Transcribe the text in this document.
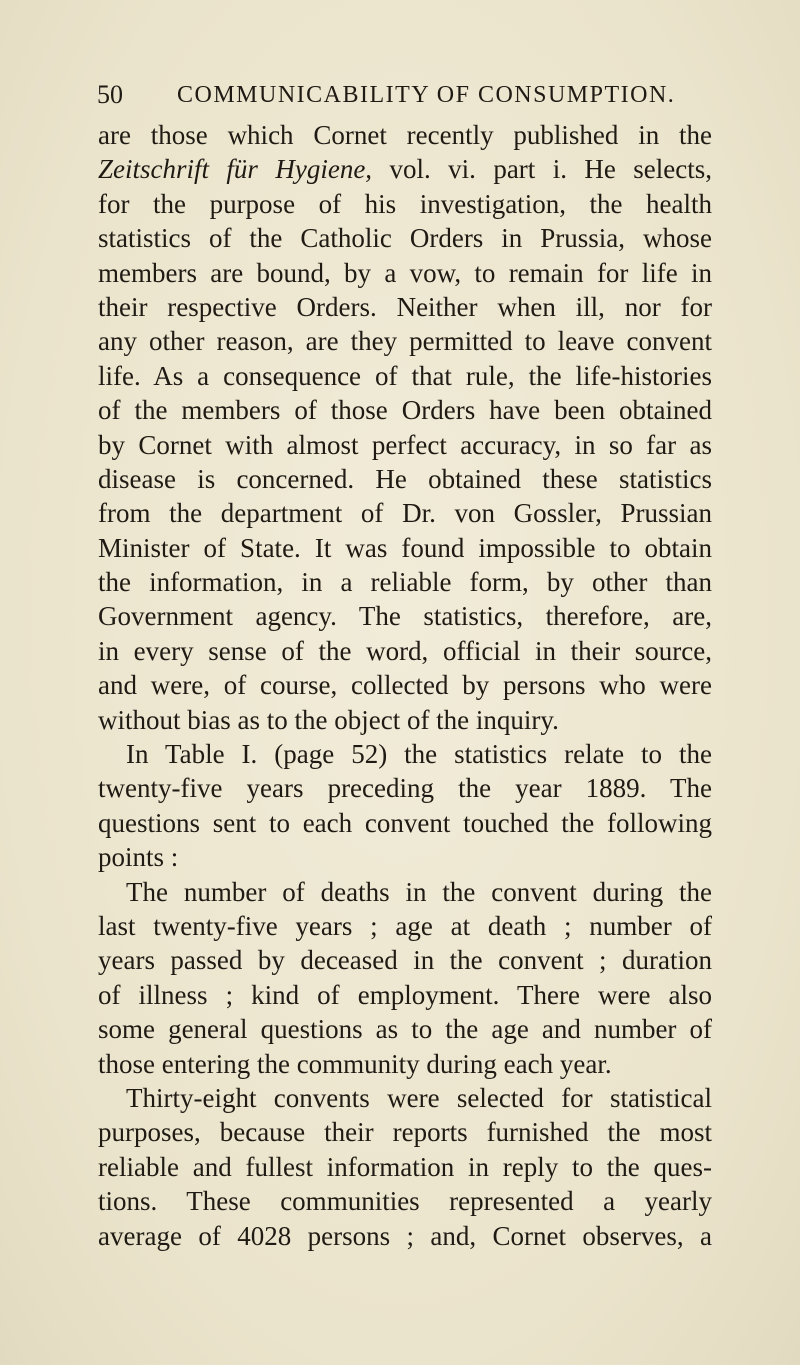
50 COMMUNICABILITY OF CONSUMPTION.
are those which Cornet recently published in the
Zeitschrift für Hygiene, vol. vi. part i. He selects,
for the purpose of his investigation, the health
statistics of the Catholic Orders in Prussia, whose
members are bound, by a vow, to remain for life in
their respective Orders. Neither when ill, nor for
any other reason, are they permitted to leave convent
life. As a consequence of that rule, the life-histories
of the members of those Orders have been obtained
by Cornet with almost perfect accuracy, in so far as
disease is concerned. He obtained these statistics
from the department of Dr. von Gossler, Prussian
Minister of State. It was found impossible to obtain
the information, in a reliable form, by other than
Government agency. The statistics, therefore, are,
in every sense of the word, official in their source,
and were, of course, collected by persons who were
without bias as to the object of the inquiry.
In Table I. (page 52) the statistics relate to the
twenty-five years preceding the year 1889. The
questions sent to each convent touched the following
points :
The number of deaths in the convent during the
last twenty-five years ; age at death ; number of
years passed by deceased in the convent ; duration
of illness ; kind of employment. There were also
some general questions as to the age and number of
those entering the community during each year.
Thirty-eight convents were selected for statistical
purposes, because their reports furnished the most
reliable and fullest information in reply to the ques-
tions. These communities represented a yearly
average of 4028 persons ; and, Cornet observes, a
